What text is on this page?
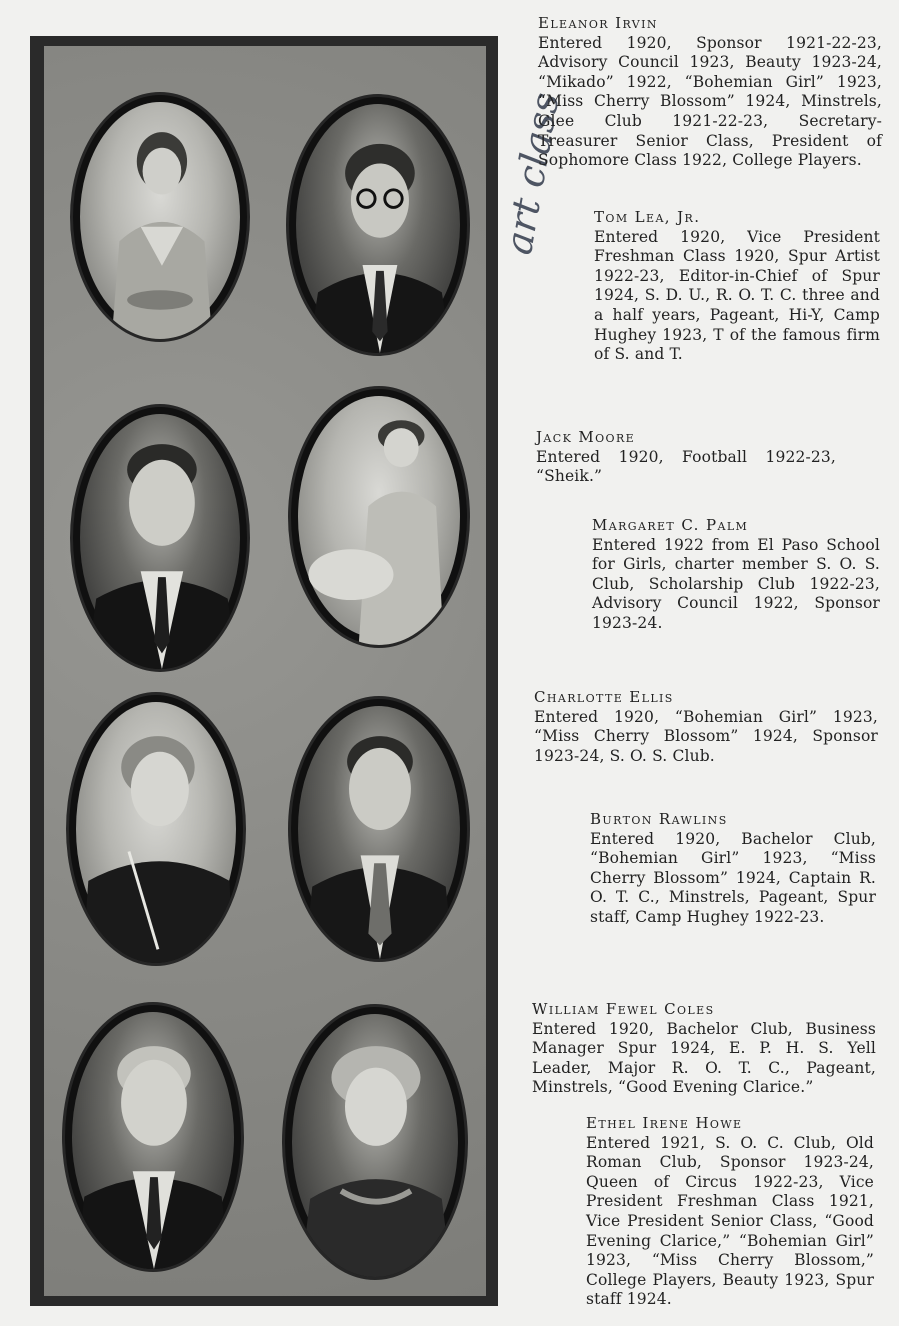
art class
Eleanor Irvin
Entered 1920, Sponsor 1921-22-23, Advisory Council 1923, Beauty 1923-24, “Mikado” 1922, “Bohemian Girl” 1923, “Miss Cherry Blossom” 1924, Minstrels, Glee Club 1921-22-23, Secretary-Treasurer Senior Class, President of Sophomore Class 1922, College Players.
Tom Lea, Jr.
Entered 1920, Vice President Freshman Class 1920, Spur Artist 1922-23, Editor-in-Chief of Spur 1924, S. D. U., R. O. T. C. three and a half years, Pageant, Hi-Y, Camp Hughey 1923, T of the famous firm of S. and T.
Jack Moore
Entered 1920, Football 1922-23, “Sheik.”
Margaret C. Palm
Entered 1922 from El Paso School for Girls, charter member S. O. S. Club, Scholarship Club 1922-23, Advisory Council 1922, Sponsor 1923-24.
Charlotte Ellis
Entered 1920, “Bohemian Girl” 1923, “Miss Cherry Blossom” 1924, Sponsor 1923-24, S. O. S. Club.
Burton Rawlins
Entered 1920, Bachelor Club, “Bohemian Girl” 1923, “Miss Cherry Blossom” 1924, Captain R. O. T. C., Minstrels, Pageant, Spur staff, Camp Hughey 1922-23.
William Fewel Coles
Entered 1920, Bachelor Club, Business Manager Spur 1924, E. P. H. S. Yell Leader, Major R. O. T. C., Pageant, Minstrels, “Good Evening Clarice.”
Ethel Irene Howe
Entered 1921, S. O. C. Club, Old Roman Club, Sponsor 1923-24, Queen of Circus 1922-23, Vice President Freshman Class 1921, Vice President Senior Class, “Good Evening Clarice,” “Bohemian Girl” 1923, “Miss Cherry Blossom,” College Players, Beauty 1923, Spur staff 1924.
